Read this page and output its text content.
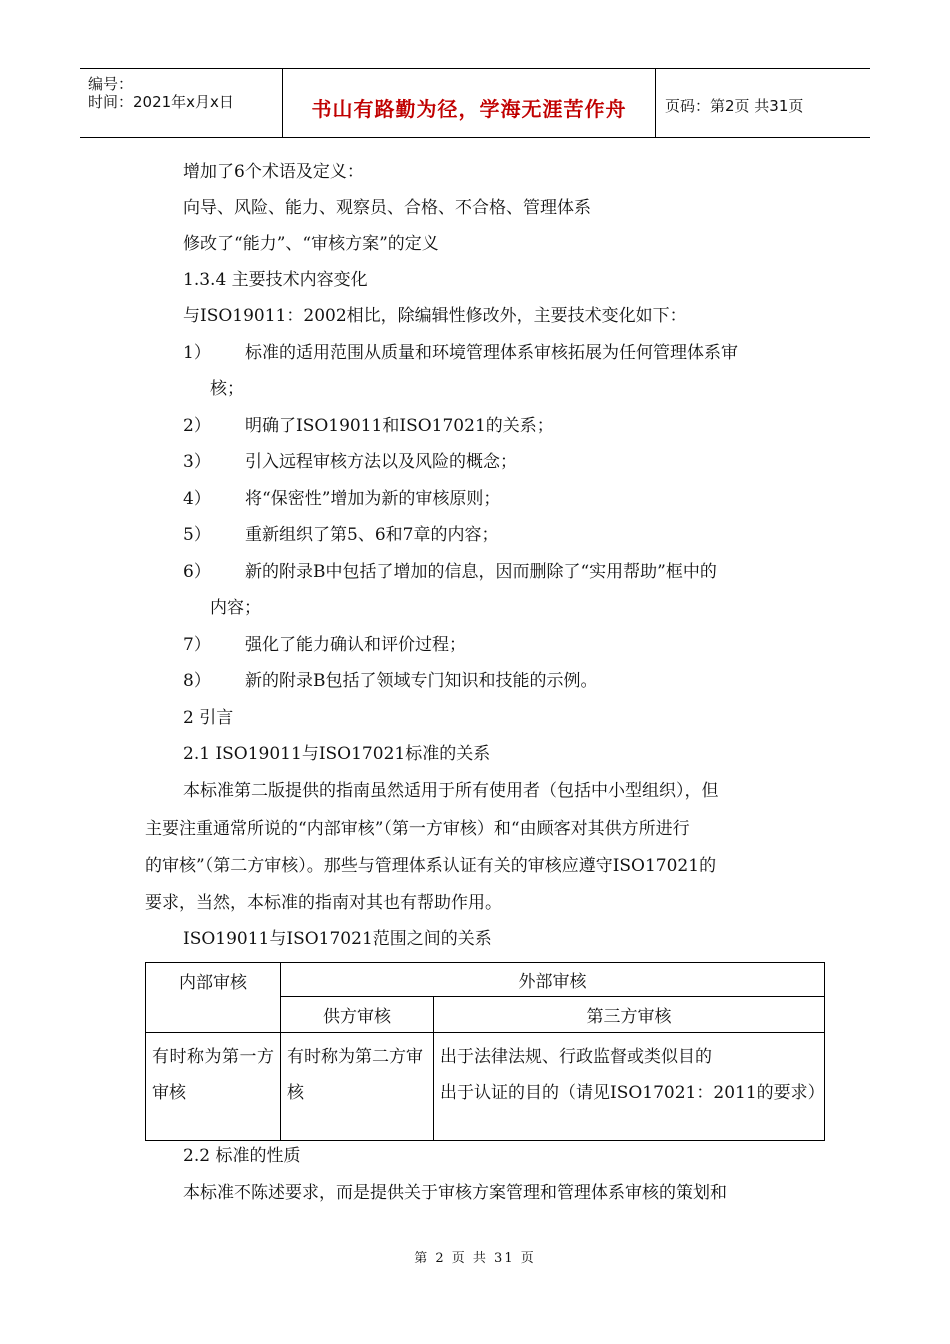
编号：
时间：2021年x月x日	书山有路勤为径，学海无涯苦作舟	页码：第2页 共31页
增加了6个术语及定义：
向导、风险、能力、观察员、合格、不合格、管理体系
修改了“能力”、“审核方案”的定义
1.3.4 主要技术内容变化
与ISO19011：2002相比，除编辑性修改外，主要技术变化如下：
1） 标准的适用范围从质量和环境管理体系审核拓展为任何管理体系审
核；
2） 明确了ISO19011和ISO17021的关系；
3） 引入远程审核方法以及风险的概念；
4） 将“保密性”增加为新的审核原则；
5） 重新组织了第5、6和7章的内容；
6） 新的附录B中包括了增加的信息，因而删除了“实用帮助”框中的
内容；
7） 强化了能力确认和评价过程；
8） 新的附录B包括了领域专门知识和技能的示例。
2 引言
2.1 ISO19011与ISO17021标准的关系
本标准第二版提供的指南虽然适用于所有使用者（包括中小型组织），但
主要注重通常所说的“内部审核”（第一方审核）和“由顾客对其供方所进行
的审核”（第二方审核）。那些与管理体系认证有关的审核应遵守ISO17021的
要求，当然，本标准的指南对其也有帮助作用。
ISO19011与ISO17021范围之间的关系
内部审核	外部审核	
	供方审核	第三方审核
有时称为第一方审核	有时称为第二方审核	出于法律法规、行政监督或类似目的
出于认证的目的（请见ISO17021：2011的要求）
2.2 标准的性质
本标准不陈述要求，而是提供关于审核方案管理和管理体系审核的策划和
第 2 页 共 31 页
